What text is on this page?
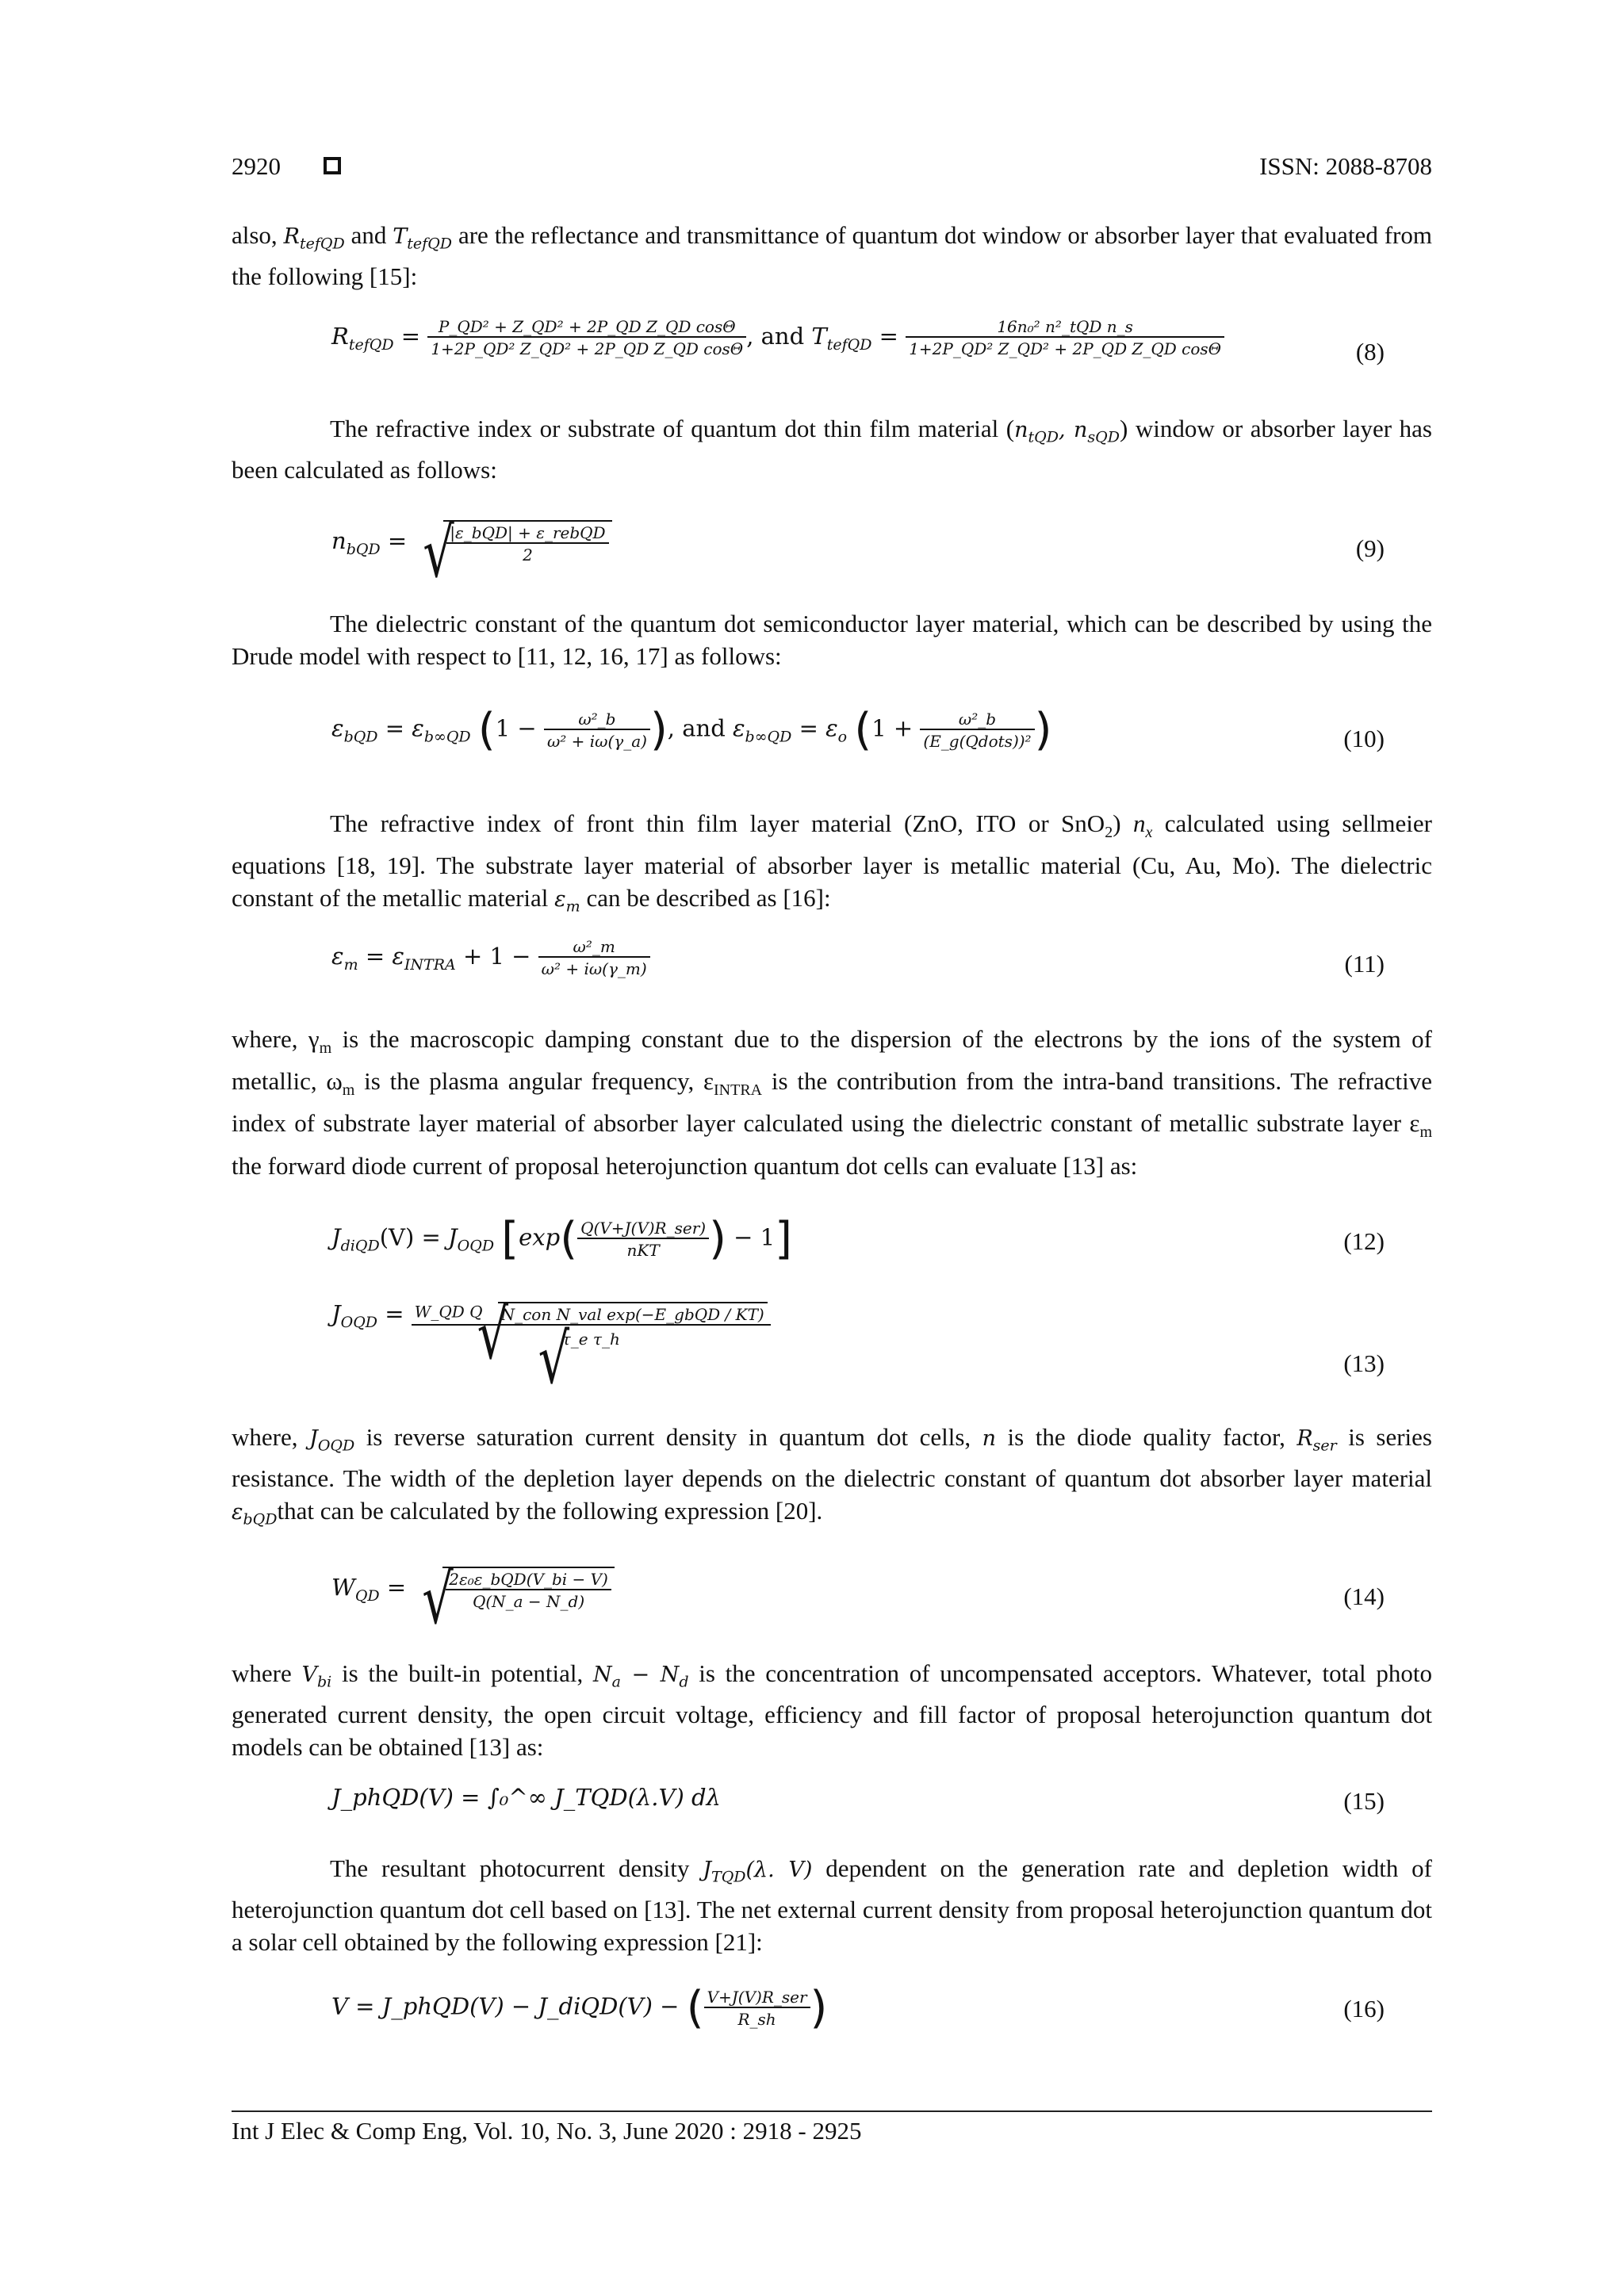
2920	ISSN: 2088-8708

also, $R_{tefQD}$ and $T_{tefQD}$ are the reflectance and transmittance of quantum dot window or absorber layer that evaluated from the following [15]:

$R_{tefQD} = \frac{\text{P\_QD² + Z\_QD² + 2P\_QD Z\_QD cosΘ}}{\text{1+2P\_QD² Z\_QD² + 2P\_QD Z\_QD cosΘ}}$ , and $T_{tefQD} = \frac{\text{16n₀² n²\_tQD n\_s}}{\text{1+2P\_QD² Z\_QD² + 2P\_QD Z\_QD cosΘ}}$	(8)

The refractive index or substrate of quantum dot thin film material ($n_{tQD}$, $n_{sQD}$) window or absorber layer has been calculated as follows:

$n_{bQD}$ =	√ $\frac{\text{|ε\_bQD| + ε\_rebQD}}{2}$	(9)

The dielectric constant of the quantum dot semiconductor layer material, which can be described by using the Drude model with respect to [11, 12, 16, 17] as follows:

$\varepsilon_{bQD} = \varepsilon_{b\infty QD}$ ($1 - \frac{\text{ω²\_b}}{\text{ω² + iω(γ\_a)}}$ ), and $\varepsilon_{b\infty QD} = \varepsilon_o$ ($1 + \frac{\text{ω²\_b}}{\text{(E\_g(Qdots))²}}$ )	(10)

The refractive index of front thin film layer material (ZnO, ITO or SnO$_2$) $n_x$ calculated using sellmeier equations [18, 19]. The substrate layer material of absorber layer is metallic material (Cu, Au, Mo). The dielectric constant of the metallic material $\varepsilon_m$ can be described as [16]:

$\varepsilon_m = \varepsilon_{INTRA} + 1 - \frac{\text{ω²\_m}}{\text{ω² + iω(γ\_m)}}$	(11)

where, $\gamma_m$ is the macroscopic damping constant due to the dispersion of the electrons by the ions of the system of metallic, $\omega_m$ is the plasma angular frequency, $\varepsilon_{INTRA}$ is the contribution from the intra-band transitions. The refractive index of substrate layer material of absorber layer calculated using the dielectric constant of metallic substrate layer $\varepsilon_m$ the forward diode current of proposal heterojunction quantum dot cells can evaluate [13] as:

$J_{diQD}(V) = J_{OQD}$ [$\exp( \frac{\text{Q(V+J(V)R\_ser)}}{\text{nKT}}$ ) − 1]	(12)
$J_{OQD}$ = W_QD Q √ N_con N_val exp(−E_gbQD / KT)
√ τ_e τ_h
(13)

where, $J_{OQD}$ is reverse saturation current density in quantum dot cells, n is the diode quality factor, $R_{ser}$ is series resistance. The width of the depletion layer depends on the dielectric constant of quantum dot absorber layer material $\varepsilon_{bQD}that$ can be calculated by the following expression [20].

$W_{QD}$ =	√ $\frac{\text{2ε₀ε\_bQD(V\_bi − V)}}{Q(N\_a - N\_d)}$	(14)

where $V_{bi}$ is the built-in potential, $N_a - N_d$ is the concentration of uncompensated acceptors. Whatever, total photo generated current density, the open circuit voltage, efficiency and fill factor of proposal heterojunction quantum dot models can be obtained [13] as:

J_phQD(V) = ∫₀^∞ J_TQD(λ.V) dλ	(15)

The resultant photocurrent density $J_{TQD}(\lambda$. V) dependent on the generation rate and depletion width of heterojunction quantum dot cell based on [13]. The net external current density from proposal heterojunction quantum dot a solar cell obtained by the following expression [21]:

V = J_phQD(V) − J_diQD(V) − ( $\frac{\text{V+J(V)R\_ser}}{R\_sh}$ )	(16)
Int J Elec & Comp Eng, Vol. 10, No. 3, June 2020 : 2918 - 2925
